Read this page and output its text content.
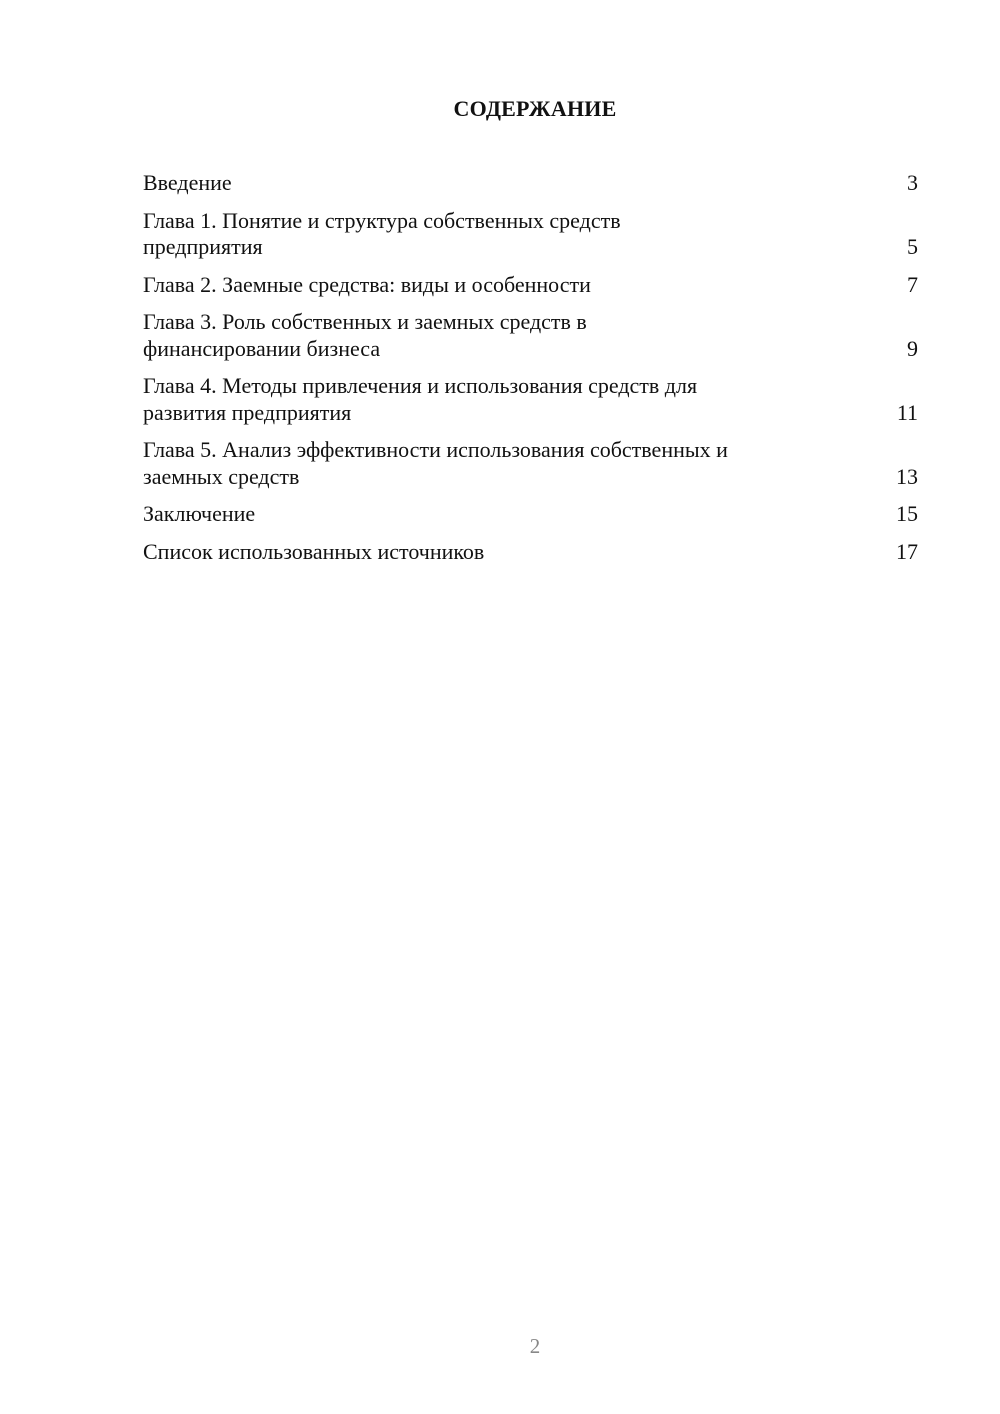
СОДЕРЖАНИЕ
Введение	3
Глава 1. Понятие и структура собственных средств
предприятия	5
Глава 2. Заемные средства: виды и особенности	7
Глава 3. Роль собственных и заемных средств в
финансировании бизнеса	9
Глава 4. Методы привлечения и использования средств для
развития предприятия	11
Глава 5. Анализ эффективности использования собственных и
заемных средств	13
Заключение	15
Список использованных источников	17
2
